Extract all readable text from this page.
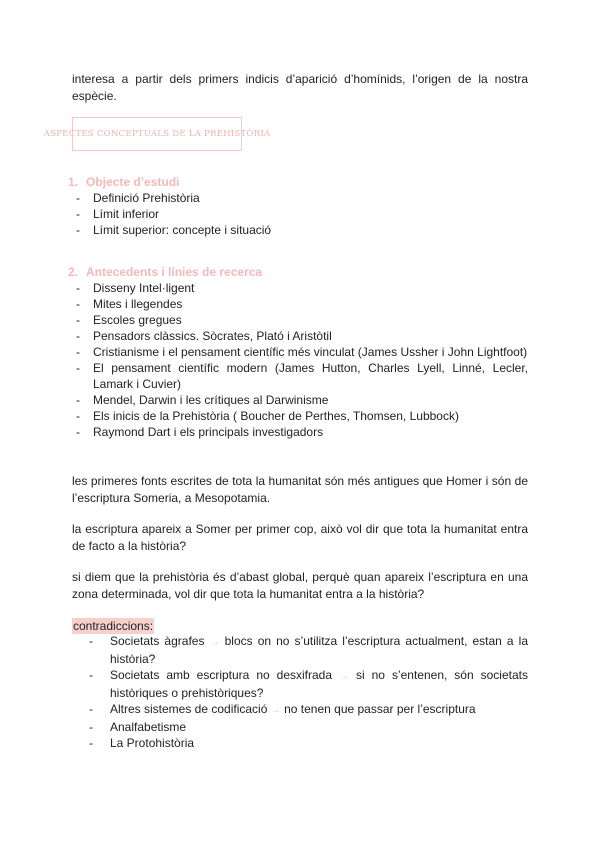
interesa a partir dels primers indicis d’aparició d’homínids, l’origen de la nostra espècie.

ASPECTES CONCEPTUALS DE LA PREHISTÒRIA
1. Objecte d’estudi
- Definició Prehistòria
- Límit inferior
- Límit superior: concepte i situació
2. Antecedents i línies de recerca
- Disseny Intel·ligent
- Mites i llegendes
- Escoles gregues
- Pensadors clàssics. Sòcrates, Plató i Aristòtil
- Cristianisme i el pensament científic més vinculat (James Ussher i John Lightfoot)
- El pensament científic modern (James Hutton, Charles Lyell, Linné, Lecler, Lamark i Cuvier)
- Mendel, Darwin i les crítiques al Darwinisme
- Els inicis de la Prehistòria ( Boucher de Perthes, Thomsen, Lubbock)
- Raymond Dart i els principals investigadors

les primeres fonts escrites de tota la humanitat són més antigues que Homer i són de l’escriptura Someria, a Mesopotamia.

la escriptura apareix a Somer per primer cop, això vol dir que tota la humanitat entra de facto a la història?

si diem que la prehistòria és d’abast global, perquè quan apareix l’escriptura en una zona determinada, vol dir que tota la humanitat entra a la història?

contradiccions:
- Societats àgrafes → blocs on no s’utilitza l’escriptura actualment, estan a la història?
- Societats amb escriptura no desxifrada → si no s’entenen, són societats històriques o prehistòriques?
- Altres sistemes de codificació → no tenen que passar per l’escriptura
- Analfabetisme
- La Protohistòria
